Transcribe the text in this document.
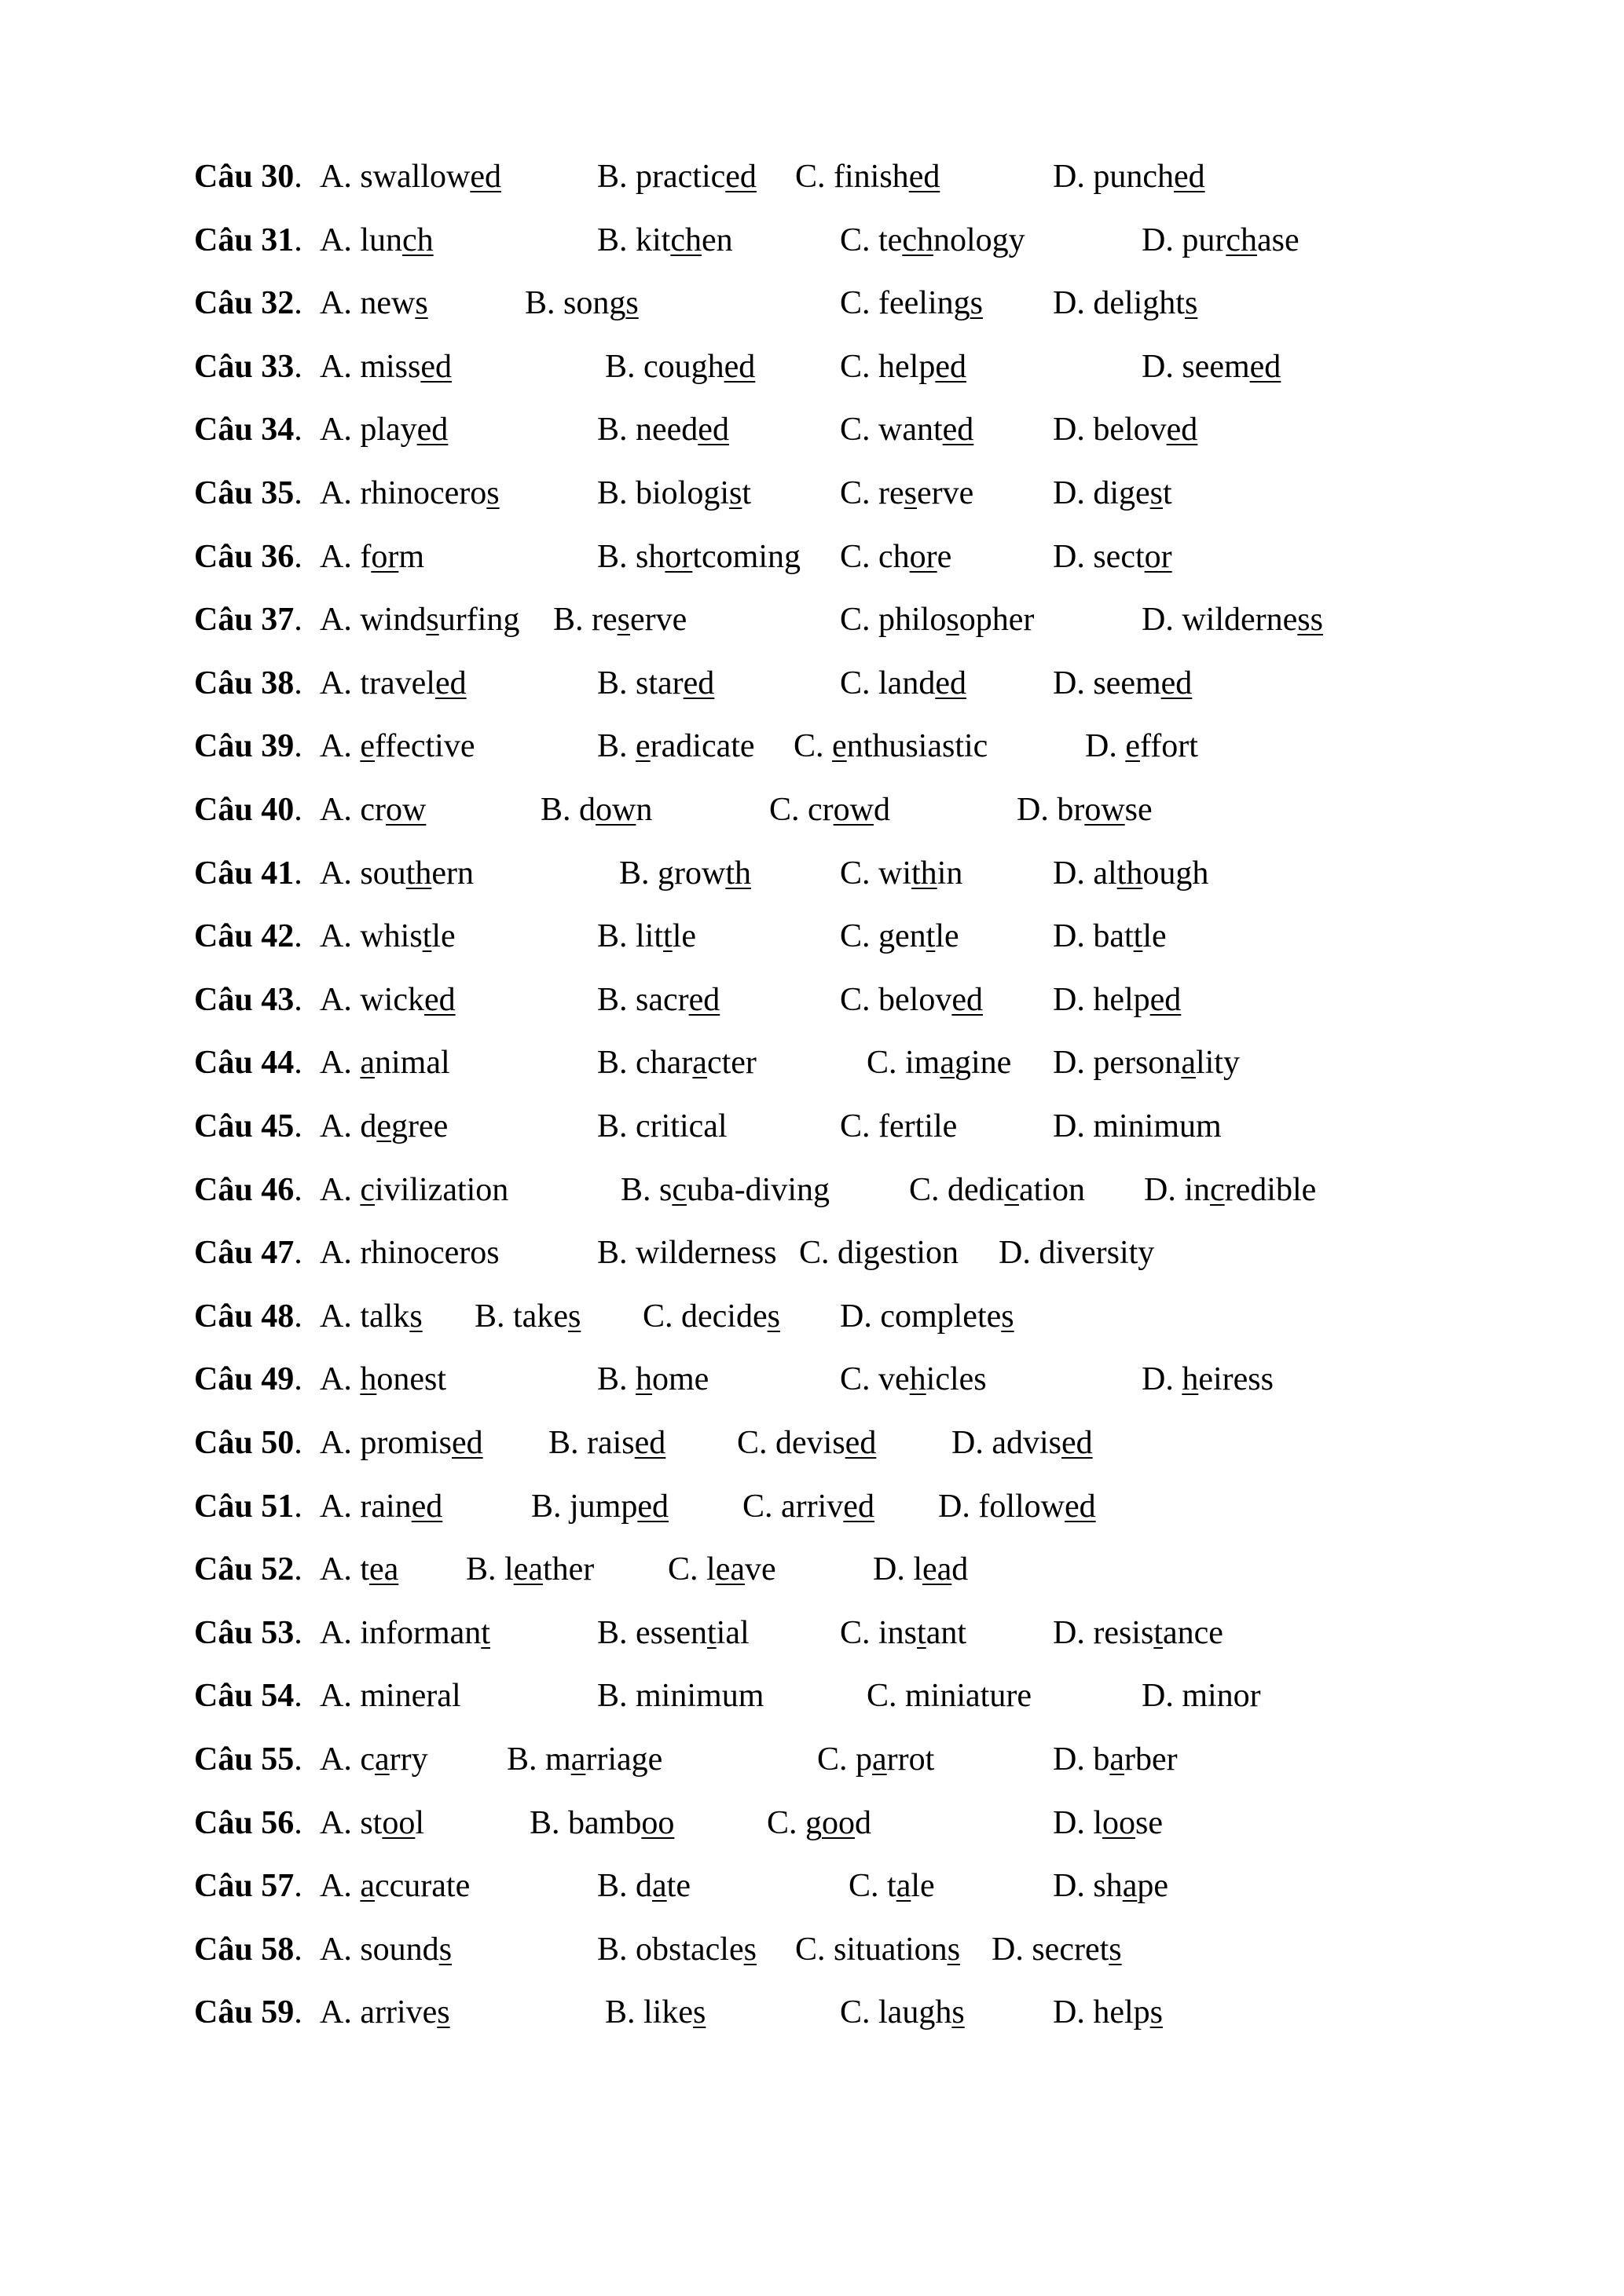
Câu 30. A. swallowed	B. practiced C. finished	D. punched
Câu 31. A. lunch	B. kitchen	C. technology	D. purchase
Câu 32. A. news	B. songs	C. feelings D. delights
Câu 33. A. missed	B. coughed	C. helped	D. seemed
Câu 34. A. played	B. needed	C. wanted D. beloved
Câu 35. A. rhinoceros	B. biologist	C. reserve D. digest
Câu 36. A. form	B. shortcoming C. chore	D. sector
Câu 37. A. windsurfing B. reserve	C. philosopher	D. wilderness
Câu 38. A. traveled	B. stared	C. landed	D. seemed
Câu 39. A. effective	B. eradicate C. enthusiastic	D. effort
Câu 40. A. crow	B. down	C. crowd	D. browse
Câu 41. A. southern	B. growth	C. within	D. although
Câu 42. A. whistle	B. little	C. gentle	D. battle
Câu 43. A. wicked	B. sacred	C. beloved D. helped
Câu 44. A. animal	B. character	C. imagine D. personality
Câu 45. A. degree	B. critical	C. fertile	D. minimum
Câu 46. A. civilization	B. scuba-diving C. dedication D. incredible
Câu 47. A. rhinoceros	B. wilderness C. digestion D. diversity
Câu 48. A. talks B. takes C. decides D. completes
Câu 49. A. honest	B. home	C. vehicles	D. heiress
Câu 50. A. promised B. raised C. devised D. advised
Câu 51. A. rained	B. jumped C. arrived D. followed
Câu 52. A. tea B. leather C. leave	D. lead
Câu 53. A. informant	B. essential	C. instant	D. resistance
Câu 54. A. mineral	B. minimum	C. miniature	D. minor
Câu 55. A. carry B. marriage	C. parrot	D. barber
Câu 56. A. stool	B. bamboo	C. good	D. loose
Câu 57. A. accurate	B. date	C. tale	D. shape
Câu 58. A. sounds	B. obstacles C. situations D. secrets
Câu 59. A. arrives	B. likes	C. laughs	D. helps
